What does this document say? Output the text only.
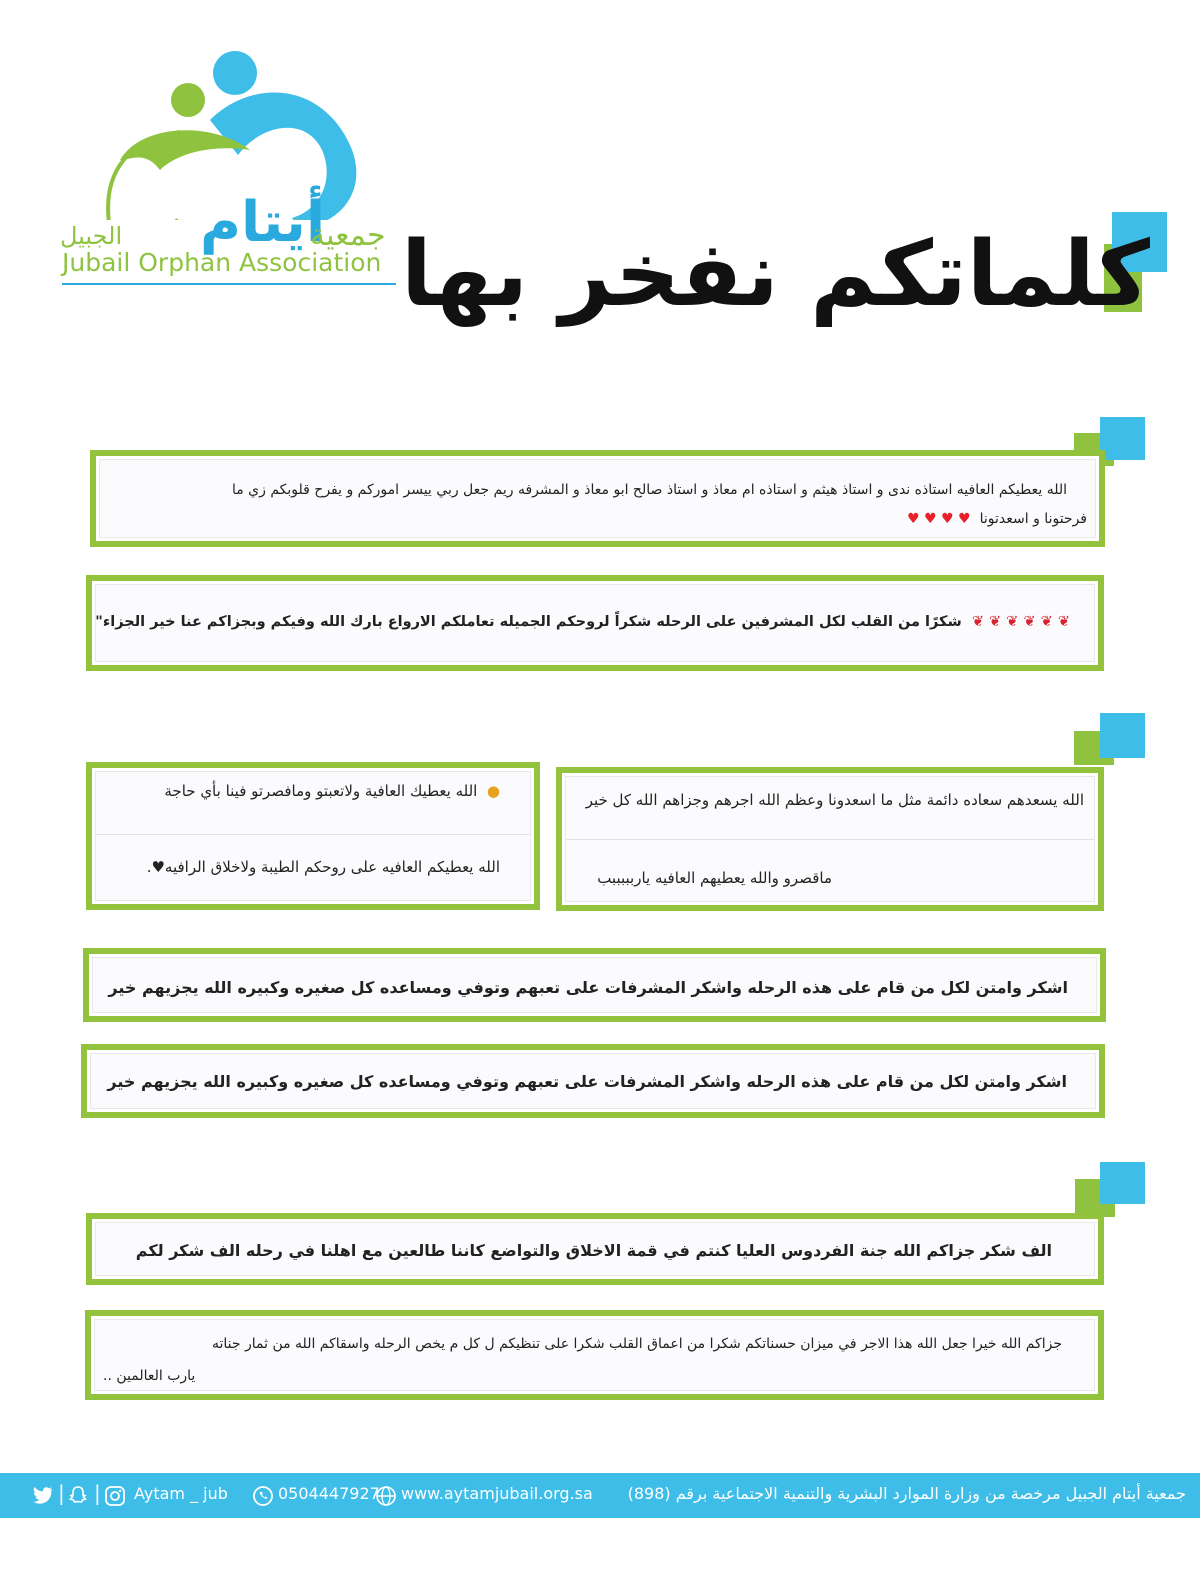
أيتام
جمعية
الجبيل
Jubail Orphan Association كلماتكم نفخر بها
الله يعطيكم العافيه استاذه ندى و استاذ هيثم و استاذه ام معاذ و استاذ صالح ابو معاذ و المشرفه ريم جعل ربي ييسر اموركم و يفرح قلوبكم زي ما
فرحتونا و اسعدتونا  ♥ ♥ ♥ ♥
❦ ❦ ❦ ❦ ❦ ❦  شكرًا من القلب لكل المشرفين على الرحله شكراً لروحكم الجميله تعاملكم الارواع بارك الله وفيكم وبجزاكم عنا خير الجزاء"
●  الله يعطيك العافية ولاتعبتو ومافصرتو فينا بأي حاجة
الله يعطيكم العافيه على روحكم الطيبة ولاخلاق الرافيه♥.
الله يسعدهم سعاده دائمة مثل ما اسعدونا وعظم الله اجرهم وجزاهم الله كل خير
ماقصرو والله يعطيهم العافيه ياربببببب
اشكر وامتن لكل من قام على هذه الرحله واشكر المشرفات على تعبهم وتوفي ومساعده كل صغيره وكبيره الله يجزيهم خير
اشكر وامتن لكل من قام على هذه الرحله واشكر المشرفات على تعبهم وتوفي ومساعده كل صغيره وكبيره الله يجزيهم خير
الف شكر جزاكم الله جنة الفردوس العليا كنتم في قمة الاخلاق والتواضع كاننا طالعين مع اهلنا في رحله الف شكر لكم
جزاكم الله خيرا جعل الله هذا الاجر في ميزان حسناتكم شكرا من اعماق القلب شكرا على تنظيكم ل كل م يخص الرحله واسقاكم الله من ثمار جناته
.. يارب العالمين
| | Aytam _ jub	0504447927 www.aytamjubail.org.sa جمعية أيتام الجبيل مرخصة من وزارة الموارد البشرية والتنمية الاجتماعية برقم (898)
